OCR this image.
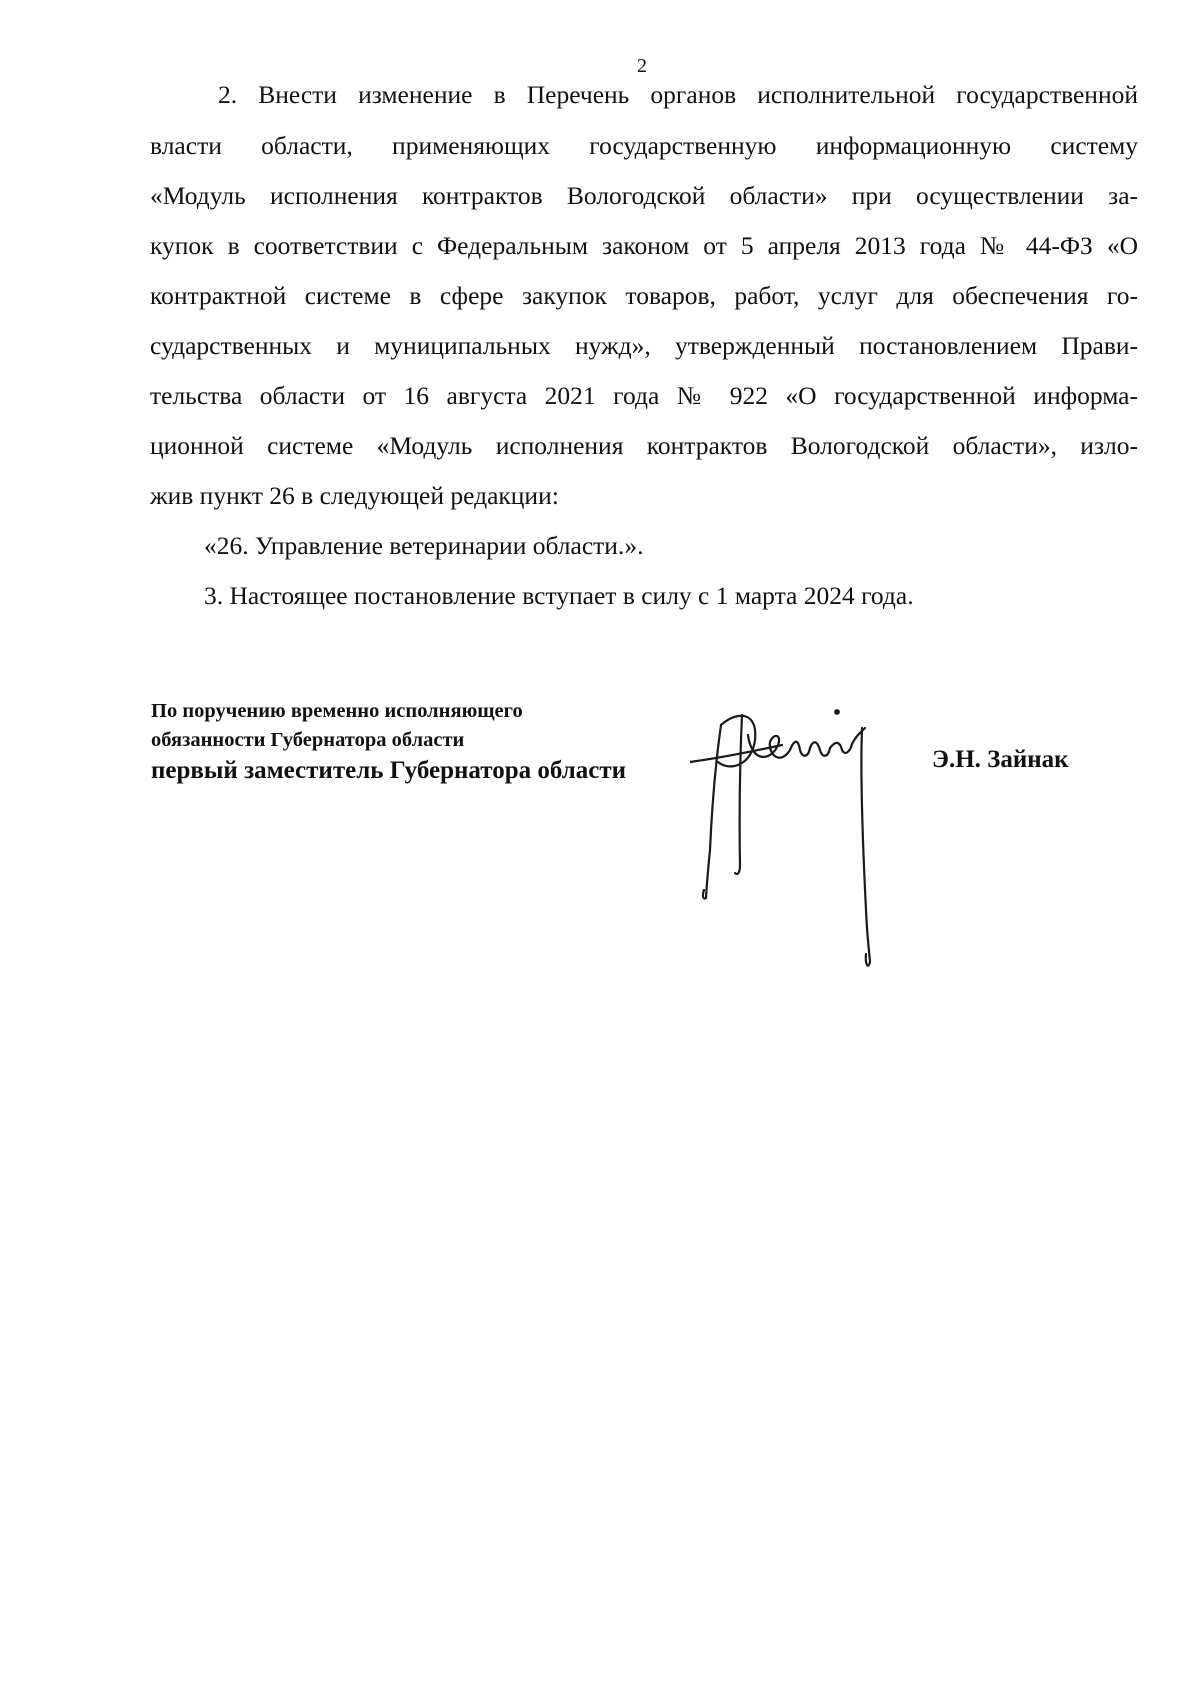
2
2. Внести изменение в Перечень органов исполнительной государственной
власти области, применяющих государственную информационную систему
«Модуль исполнения контрактов Вологодской области» при осуществлении за-
купок в соответствии с Федеральным законом от 5 апреля 2013 года № 44-ФЗ «О
контрактной системе в сфере закупок товаров, работ, услуг для обеспечения го-
сударственных и муниципальных нужд», утвержденный постановлением Прави-
тельства области от 16 августа 2021 года № 922 «О государственной информа-
ционной системе «Модуль исполнения контрактов Вологодской области», изло-
жив пункт 26 в следующей редакции:
«26. Управление ветеринарии области.».
3. Настоящее постановление вступает в силу с 1 марта 2024 года.
По поручению временно исполняющего
обязанности Губернатора области
первый заместитель Губернатора области	Э.Н. Зайнак
